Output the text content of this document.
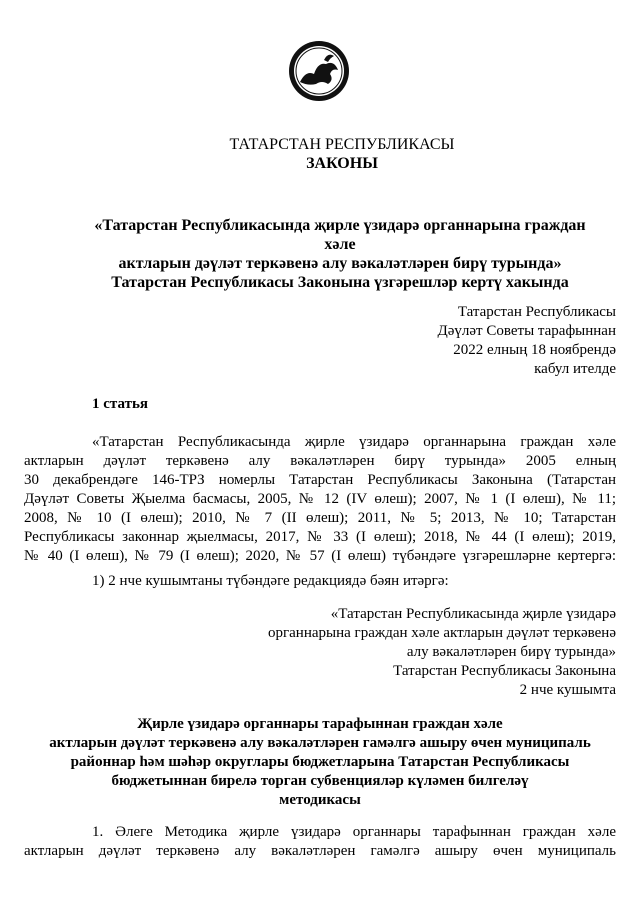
ТАТАРСТАН РЕСПУБЛИКАСЫ
ЗАКОНЫ
«Татарстан Республикасында җирле үзидарә органнарына граждан хәле
актларын дәүләт теркәвенә алу вәкаләтләрен бирү турында»
Татарстан Республикасы Законына үзгәрешләр кертү хакында
Татарстан Республикасы
Дәүләт Советы тарафыннан
2022 елның 18 ноябрендә
кабул ителде
1 статья
«Татарстан Республикасында җирле үзидарә органнарына граждан хәле
актларын дәүләт теркәвенә алу вәкаләтләрен бирү турында» 2005 елның
30 декабрендәге 146-ТРЗ номерлы Татарстан Республикасы Законына (Татарстан
Дәүләт Советы Җыелма басмасы, 2005, № 12 (IV өлеш); 2007, № 1 (I өлеш), № 11;
2008, № 10 (I өлеш); 2010, № 7 (II өлеш); 2011, № 5; 2013, № 10; Татарстан
Республикасы законнар җыелмасы, 2017, № 33 (I өлеш); 2018, № 44 (I өлеш); 2019,
№ 40 (I өлеш), № 79 (I өлеш); 2020, № 57 (I өлеш) түбәндәге үзгәрешләрне кертергә:
1) 2 нче кушымтаны түбәндәге редакциядә бәян итәргә:
«Татарстан Республикасында җирле үзидарә
органнарына граждан хәле актларын дәүләт теркәвенә
алу вәкаләтләрен бирү турында»
Татарстан Республикасы Законына
2 нче кушымта
Җирле үзидарә органнары тарафыннан граждан хәле
актларын дәүләт теркәвенә алу вәкаләтләрен гамәлгә ашыру өчен муниципаль
районнар һәм шәһәр округлары бюджетларына Татарстан Республикасы
бюджетыннан бирелә торган субвенцияләр күләмен билгеләү
методикасы
1. Әлеге Методика җирле үзидарә органнары тарафыннан граждан хәле
актларын дәүләт теркәвенә алу вәкаләтләрен гамәлгә ашыру өчен муниципаль
